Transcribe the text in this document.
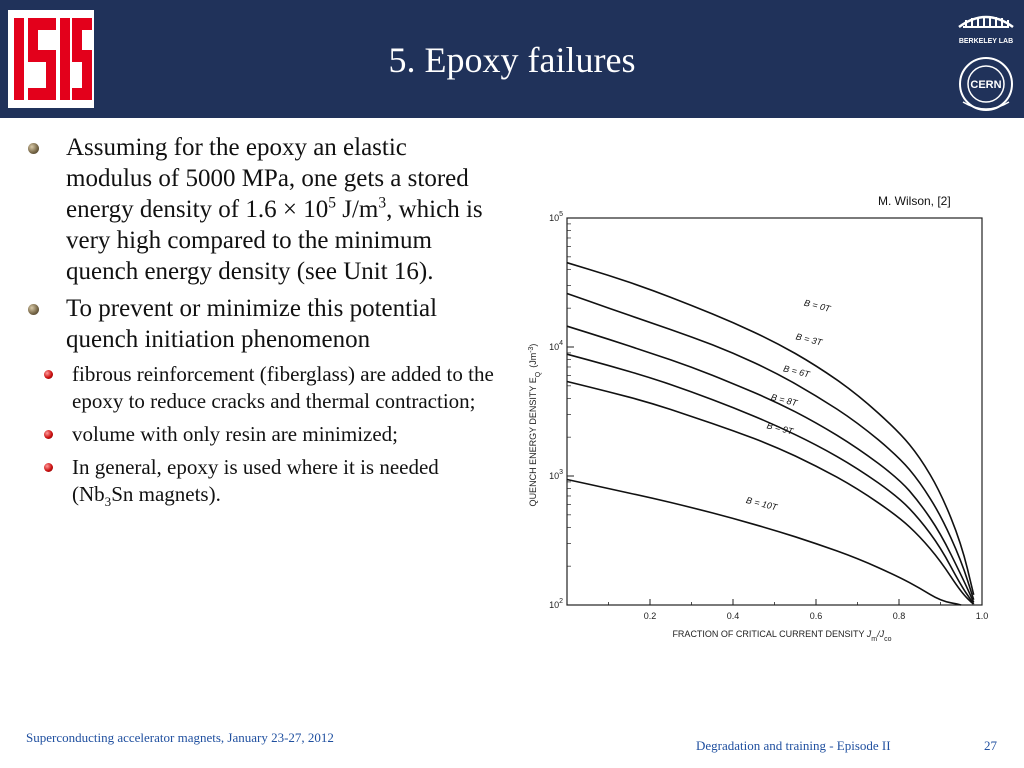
5. Epoxy failures	BERKELEY LAB
CERN
Assuming for the epoxy an elastic modulus of 5000 MPa, one gets a stored energy density of $1.6 \times 10^5$ $J/m^3$, which is very high compared to the minimum quench energy density (see Unit 16).
To prevent or minimize this potential quench initiation phenomenon
fibrous reinforcement (fiberglass) are added to the epoxy to reduce cracks and thermal contraction;
volume with only resin are minimized;
In general, epoxy is used where it is needed ($Nb_3Sn$ magnets).
M. Wilson, [2]
0.2	0.4	0.6	0.8	1.0
$10^2$
$10^3$
$10^4$
$10^5$
B = 0T
B = 3T
B = 6T
B = 8T
B = 9T
B = 10T
FRACTION OF CRITICAL CURRENT DENSITY $J_m/J_{co}$
QUENCH ENERGY DENSITY $E_Q(Jm^{-3})$
Superconducting accelerator magnets, January 23-27, 2012
Degradation and training - Episode II	27
